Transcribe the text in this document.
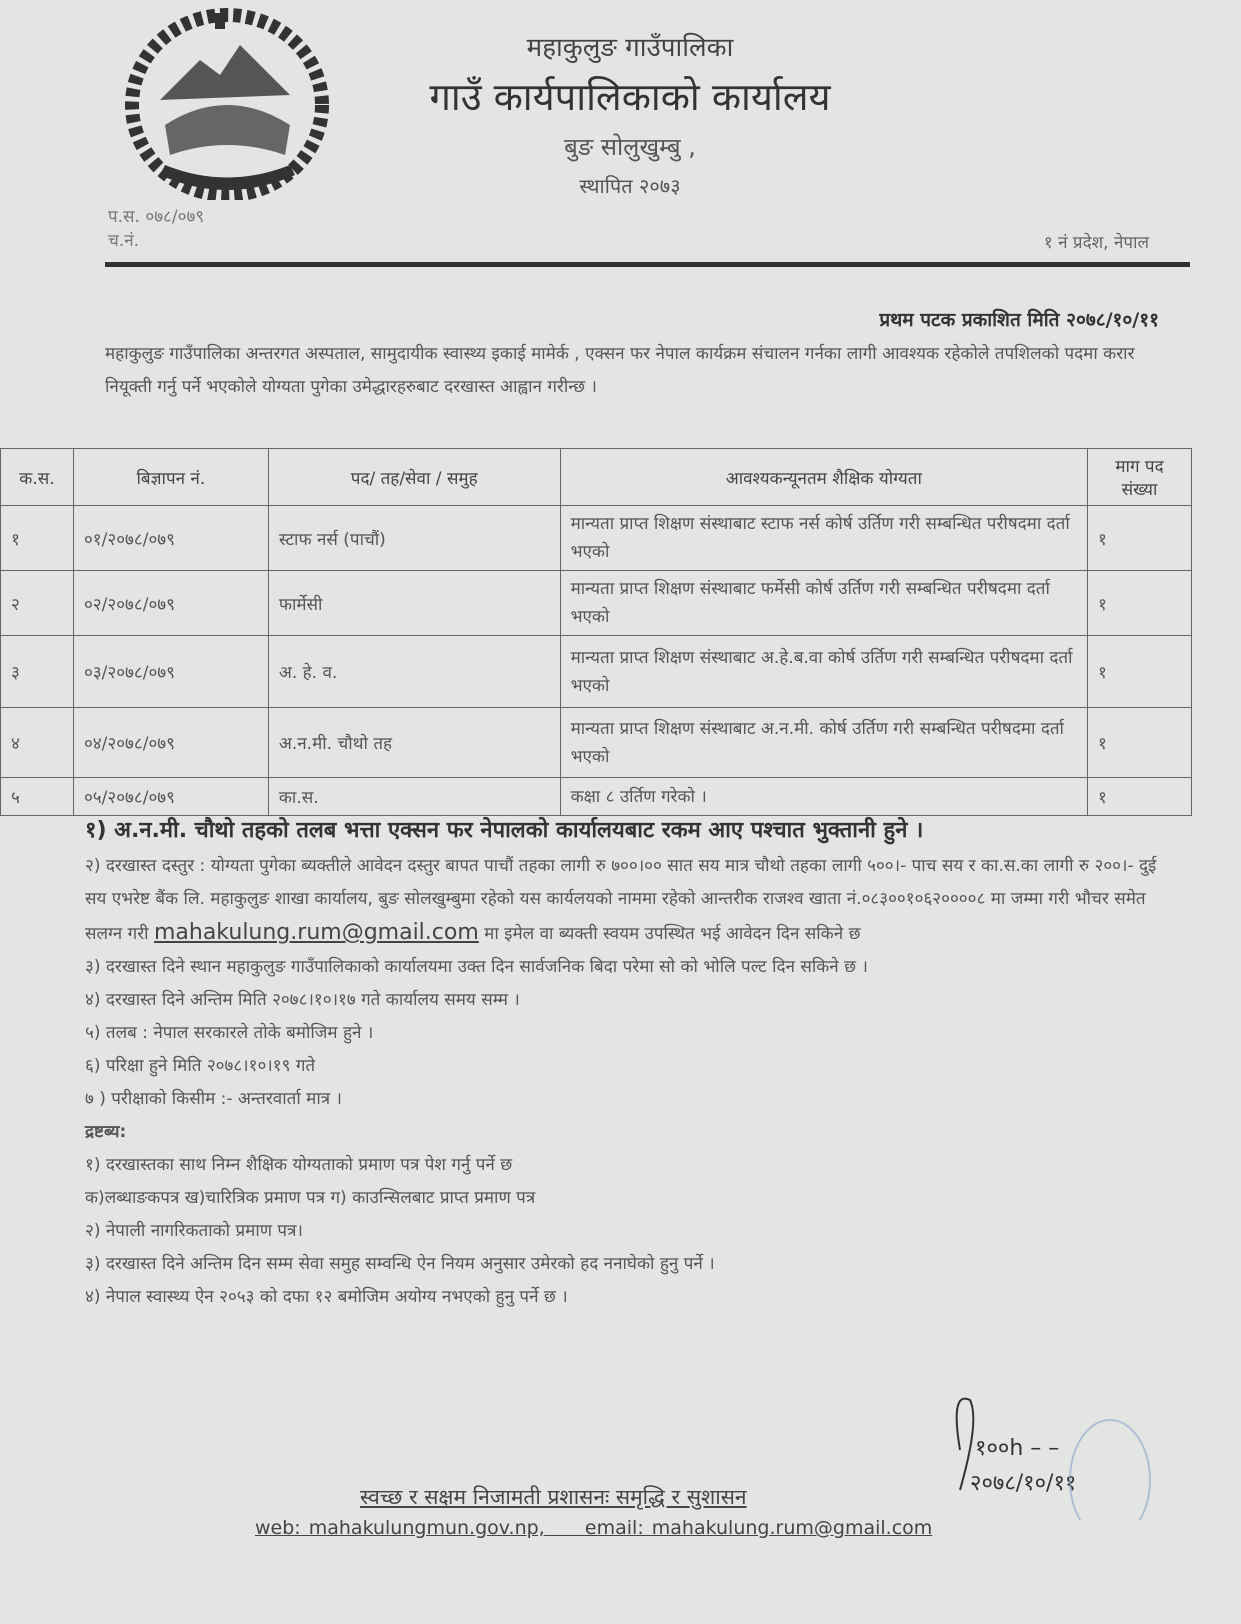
महाकुलुङ गाउँपालिका
गाउँ कार्यपालिकाको कार्यालय
बुङ सोलुखुम्बु ,
स्थापित २०७३
प.स. ०७८/०७९
च.नं.	१ नं प्रदेश, नेपाल
प्रथम पटक प्रकाशित मिति २०७८/१०/११
महाकुलुङ गाउँपालिका अन्तरगत अस्पताल, सामुदायीक स्वास्थ्य इकाई मामेर्क , एक्सन फर नेपाल कार्यक्रम संचालन गर्नका लागी आवश्यक रहेकोले तपशिलको पदमा करार नियूक्ती गर्नु पर्ने भएकोले योग्यता पुगेका उमेद्धारहरुबाट दरखास्त आह्वान गरीन्छ ।
क.स.	बिज्ञापन नं.	पद/ तह/सेवा / समुह	आवश्यकन्यूनतम शैक्षिक योग्यता	माग पद संख्या
१	०१/२०७८/०७९	स्टाफ नर्स (पाचौं)	मान्यता प्राप्त शिक्षण संस्थाबाट स्टाफ नर्स कोर्ष उर्तिण गरी सम्बन्धित परीषदमा दर्ता भएको	१
२	०२/२०७८/०७९	फार्मेसी	मान्यता प्राप्त शिक्षण संस्थाबाट फर्मेसी कोर्ष उर्तिण गरी सम्बन्धित परीषदमा दर्ता भएको	१
३	०३/२०७८/०७९	अ. हे. व.	मान्यता प्राप्त शिक्षण संस्थाबाट अ.हे.ब.वा कोर्ष उर्तिण गरी सम्बन्धित परीषदमा दर्ता भएको	१
४	०४/२०७८/०७९	अ.न.मी. चौथो तह	मान्यता प्राप्त शिक्षण संस्थाबाट अ.न.मी. कोर्ष उर्तिण गरी सम्बन्धित परीषदमा दर्ता भएको	१
५	०५/२०७८/०७९	का.स.	कक्षा ८ उर्तिण गरेको ।	१
१) अ.न.मी. चौथो तहको तलब भत्ता एक्सन फर नेपालको कार्यालयबाट रकम आए पश्चात भुक्तानी हुने ।
२) दरखास्त दस्तुर : योग्यता पुगेका ब्यक्तीले आवेदन दस्तुर बापत पाचौं तहका लागी रु ७००।०० सात सय मात्र चौथो तहका लागी ५००।- पाच सय र का.स.का लागी रु २००।- दुई सय एभरेष्ट बैंक लि. महाकुलुङ शाखा कार्यालय, बुङ सोलखुम्बुमा रहेको यस कार्यलयको नाममा रहेको आन्तरीक राजश्व खाता नं.०८३००१०६२००००८ मा जम्मा गरी भौचर समेत सलग्न गरी mahakulung.rum@gmail.com मा इमेल वा ब्यक्ती स्वयम उपस्थित भई आवेदन दिन सकिने छ
३) दरखास्त दिने स्थान महाकुलुङ गाउँपालिकाको कार्यालयमा उक्त दिन सार्वजनिक बिदा परेमा सो को भोलि पल्ट दिन सकिने छ ।
४) दरखास्त दिने अन्तिम मिति २०७८।१०।१७ गते कार्यालय समय सम्म ।
५) तलब : नेपाल सरकारले तोके बमोजिम हुने ।
६) परिक्षा हुने मिति २०७८।१०।१९ गते
७ ) परीक्षाको किसीम :- अन्तरवार्ता मात्र ।
द्रष्टब्य:
१) दरखास्तका साथ निम्न शैक्षिक योग्यताको प्रमाण पत्र पेश गर्नु पर्ने छ
क)लब्धाङकपत्र ख)चारित्रिक प्रमाण पत्र ग) काउन्सिलबाट प्राप्त प्रमाण पत्र
२) नेपाली नागरिकताको प्रमाण पत्र।
३) दरखास्त दिने अन्तिम दिन सम्म सेवा समुह सम्वन्धि ऐन नियम अनुसार उमेरको हद ननाघेको हुनु पर्ने ।
४) नेपाल स्वास्थ्य ऐन २०५३ को दफा १२ बमोजिम अयोग्य नभएको हुनु पर्ने छ ।
१००h – –
२०७८/१०/११
स्वच्छ र सक्षम निजामती प्रशासनः समृद्धि र सुशासन
web: mahakulungmun.gov.np, email: mahakulung.rum@gmail.com
